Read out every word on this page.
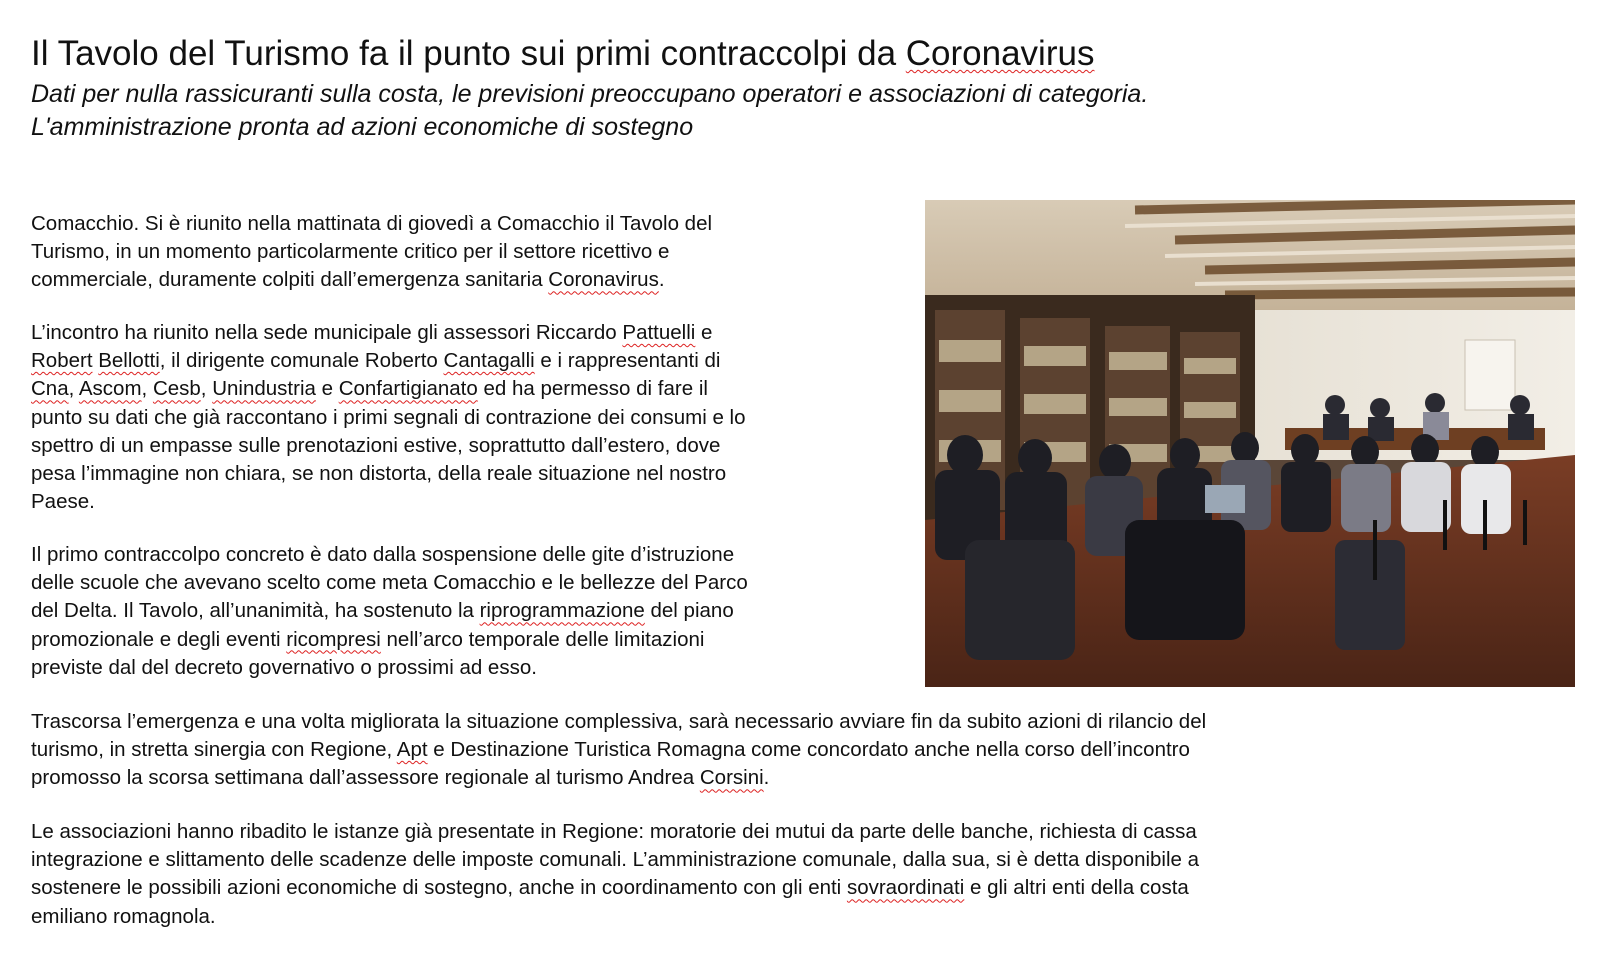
Il Tavolo del Turismo fa il punto sui primi contraccolpi da Coronavirus
Dati per nulla rassicuranti sulla costa, le previsioni preoccupano operatori e associazioni di categoria.
L'amministrazione pronta ad azioni economiche di sostegno
Comacchio. Si è riunito nella mattinata di giovedì a Comacchio il Tavolo del
Turismo, in un momento particolarmente critico per il settore ricettivo e
commerciale, duramente colpiti dall’emergenza sanitaria Coronavirus.
L’incontro ha riunito nella sede municipale gli assessori Riccardo Pattuelli e
Robert Bellotti, il dirigente comunale Roberto Cantagalli e i rappresentanti di
Cna, Ascom, Cesb, Unindustria e Confartigianato ed ha permesso di fare il
punto su dati che già raccontano i primi segnali di contrazione dei consumi e lo
spettro di un empasse sulle prenotazioni estive, soprattutto dall’estero, dove
pesa l’immagine non chiara, se non distorta, della reale situazione nel nostro
Paese.
Il primo contraccolpo concreto è dato dalla sospensione delle gite d’istruzione
delle scuole che avevano scelto come meta Comacchio e le bellezze del Parco
del Delta. Il Tavolo, all’unanimità, ha sostenuto la riprogrammazione del piano
promozionale e degli eventi ricompresi nell’arco temporale delle limitazioni
previste dal del decreto governativo o prossimi ad esso.
Trascorsa l’emergenza e una volta migliorata la situazione complessiva, sarà necessario avviare fin da subito azioni di rilancio del
turismo, in stretta sinergia con Regione, Apt e Destinazione Turistica Romagna come concordato anche nella corso dell’incontro
promosso la scorsa settimana dall’assessore regionale al turismo Andrea Corsini.
Le associazioni hanno ribadito le istanze già presentate in Regione: moratorie dei mutui da parte delle banche, richiesta di cassa
integrazione e slittamento delle scadenze delle imposte comunali. L’amministrazione comunale, dalla sua, si è detta disponibile a
sostenere le possibili azioni economiche di sostegno, anche in coordinamento con gli enti sovraordinati e gli altri enti della costa
emiliano romagnola.
